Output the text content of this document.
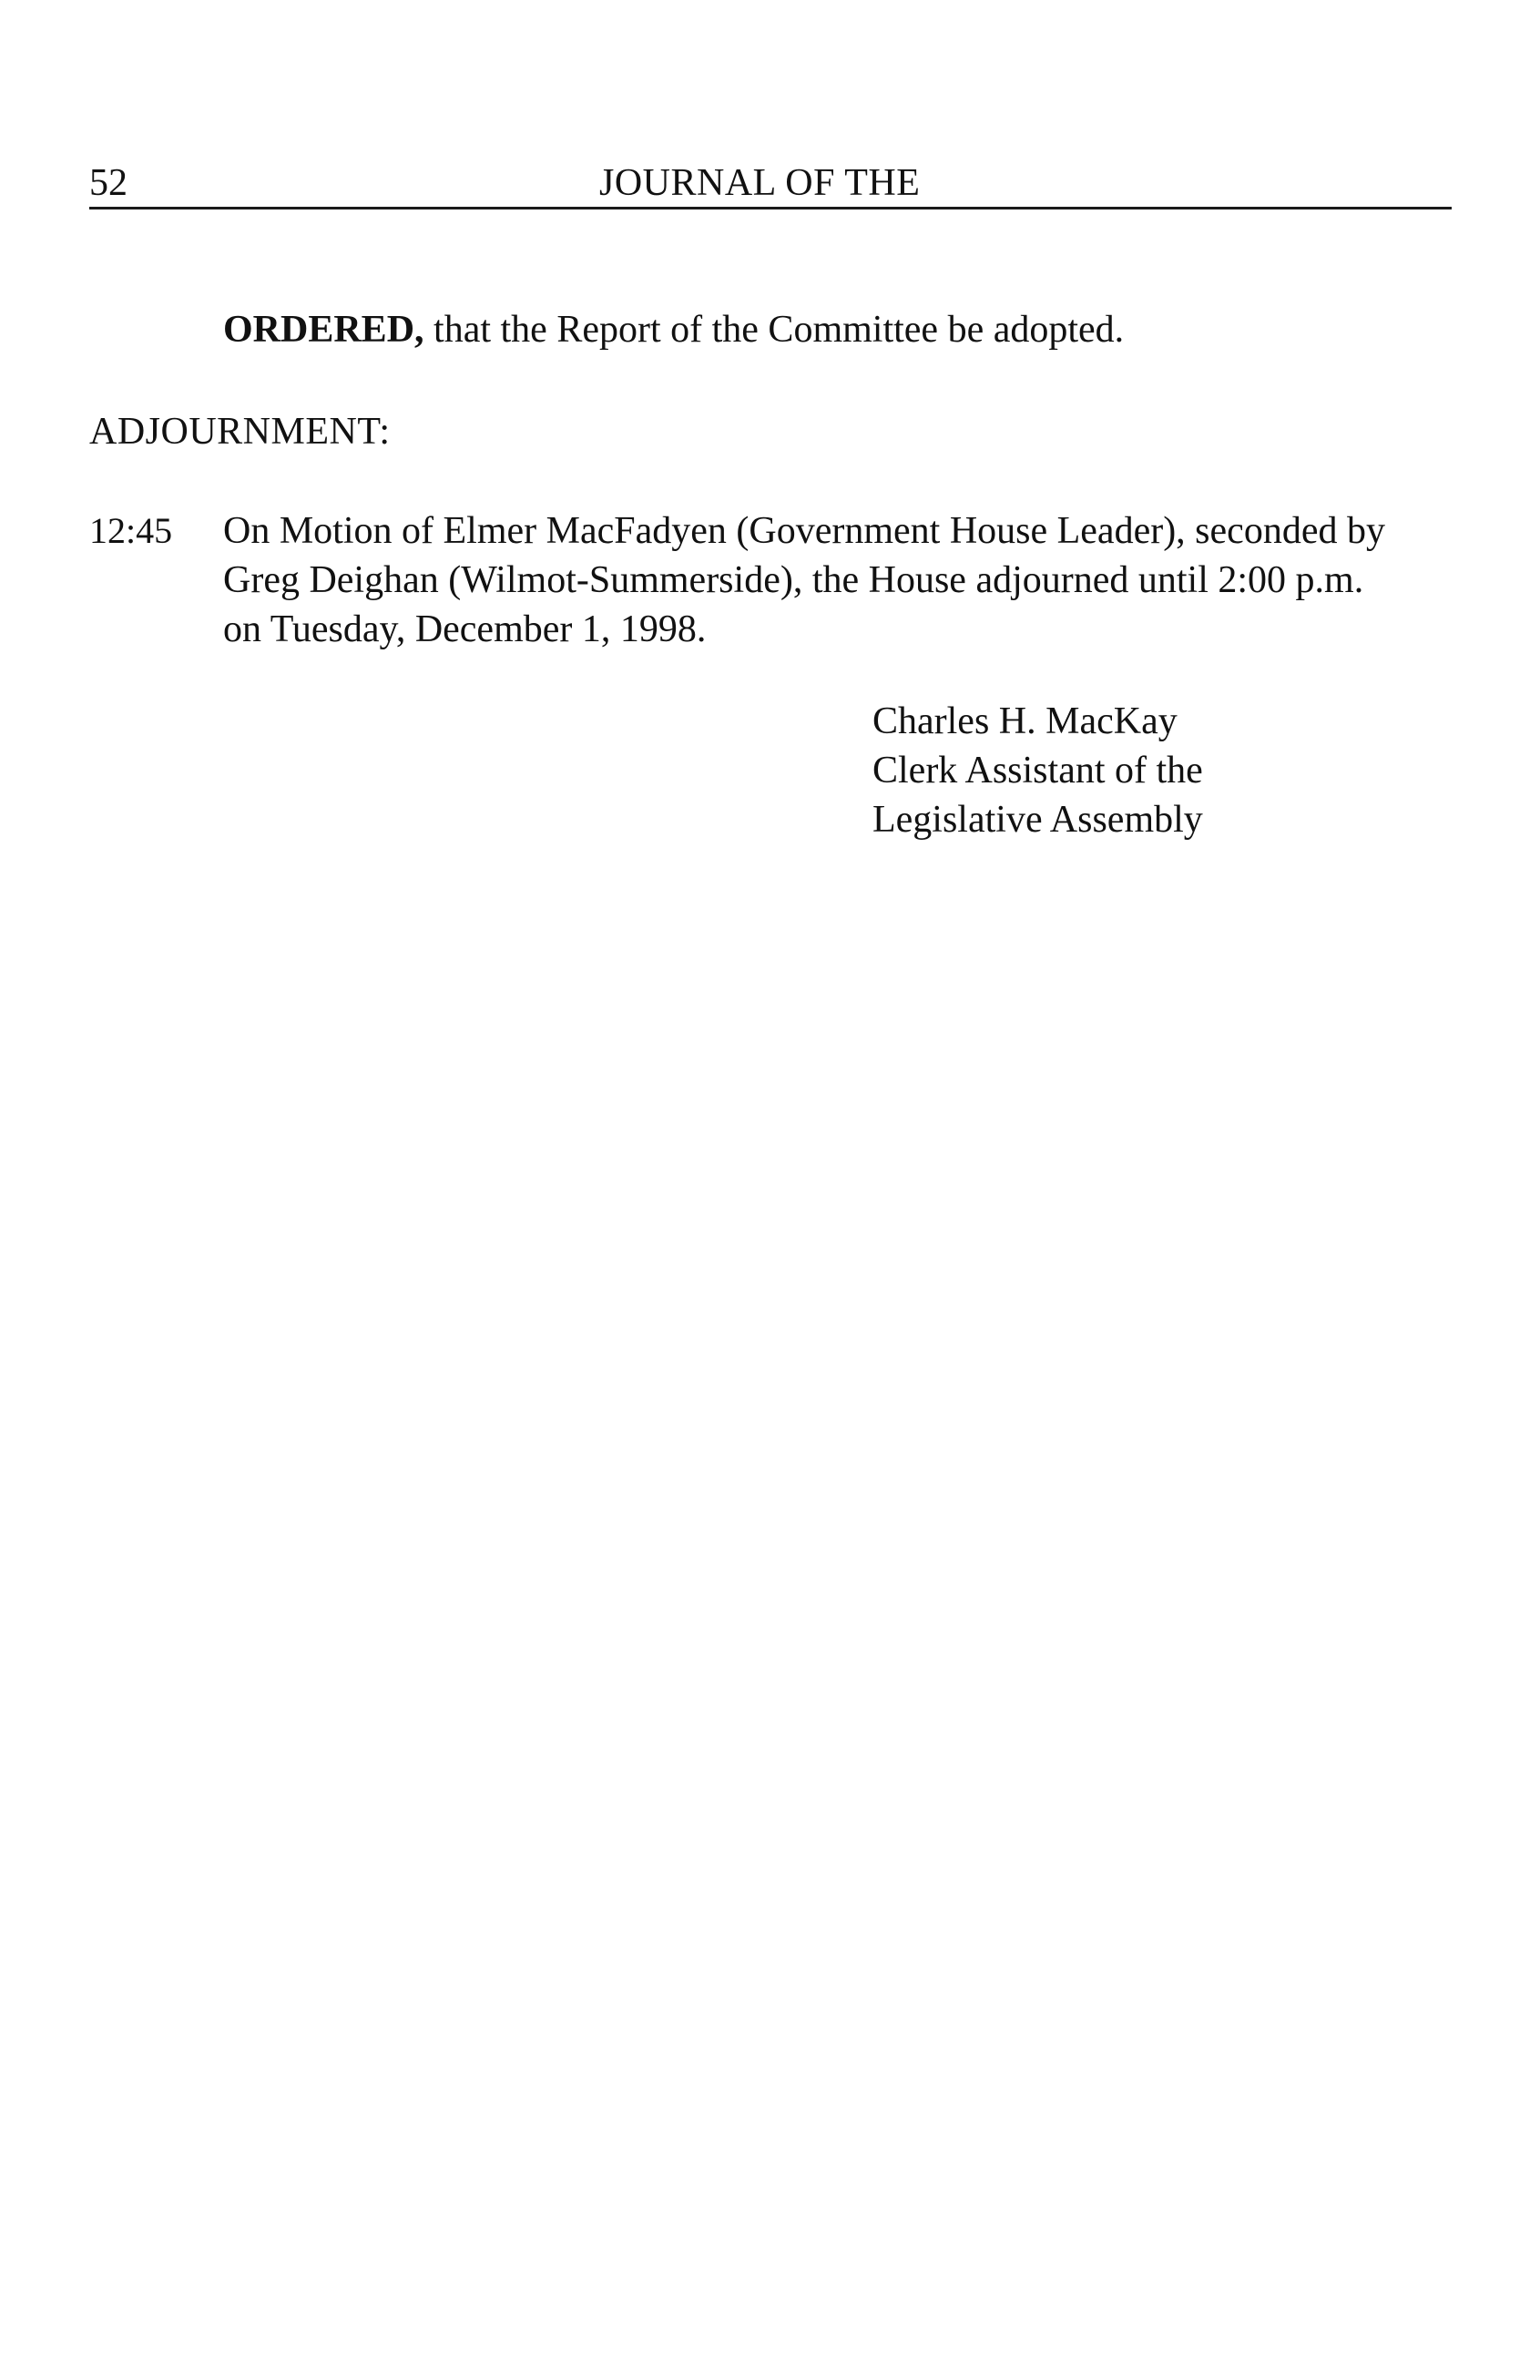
52	JOURNAL OF THE
ORDERED, that the Report of the Committee be adopted.
ADJOURNMENT:
12:45 On Motion of Elmer MacFadyen (Government House Leader), seconded by
Greg Deighan (Wilmot-Summerside), the House adjourned until 2:00 p.m.
on Tuesday, December 1, 1998.
Charles H. MacKay
Clerk Assistant of the
Legislative Assembly
